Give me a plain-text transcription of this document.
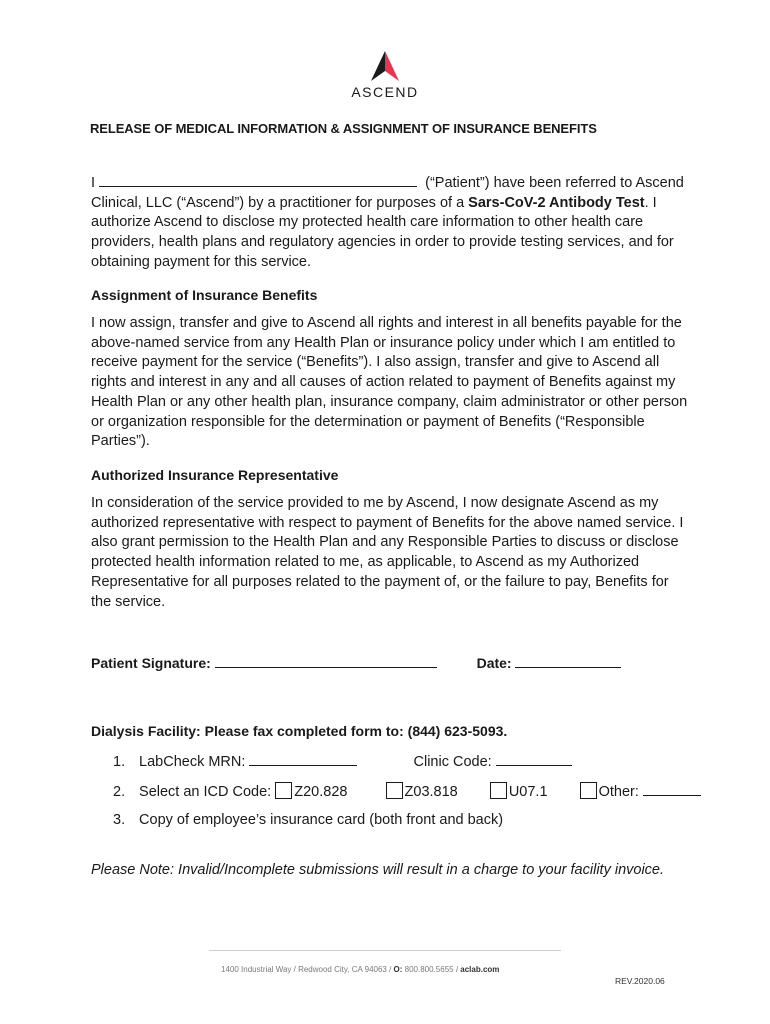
ASCEND
RELEASE OF MEDICAL INFORMATION & ASSIGNMENT OF INSURANCE BENEFITS
I	(“Patient”) have been referred to Ascend Clinical, LLC (“Ascend”) by a practitioner for purposes of a Sars-CoV-2 Antibody Test. I authorize Ascend to disclose my protected health care information to other health care providers, health plans and regulatory agencies in order to provide testing services, and for obtaining payment for this service.
Assignment of Insurance Benefits
I now assign, transfer and give to Ascend all rights and interest in all benefits payable for the above-named service from any Health Plan or insurance policy under which I am entitled to receive payment for the service (“Benefits”). I also assign, transfer and give to Ascend all rights and interest in any and all causes of action related to payment of Benefits against my Health Plan or any other health plan, insurance company, claim administrator or other person or organization responsible for the determination or payment of Benefits (“Responsible Parties”).
Authorized Insurance Representative
In consideration of the service provided to me by Ascend, I now designate Ascend as my authorized representative with respect to payment of Benefits for the above named service. I also grant permission to the Health Plan and any Responsible Parties to discuss or disclose protected health information related to me, as applicable, to Ascend as my Authorized Representative for all purposes related to the payment of, or the failure to pay, Benefits for the service.
Patient Signature:	Date:
Dialysis Facility: Please fax completed form to: (844) 623-5093.
1. LabCheck MRN:	Clinic Code:
2. Select an ICD Code: Z20.828	Z03.818	U07.1	Other:
3. Copy of employee’s insurance card (both front and back)
Please Note: Invalid/Incomplete submissions will result in a charge to your facility invoice.
1400 Industrial Way / Redwood City, CA 94063 / O: 800.800.5655 / aclab.com
REV.2020.06
